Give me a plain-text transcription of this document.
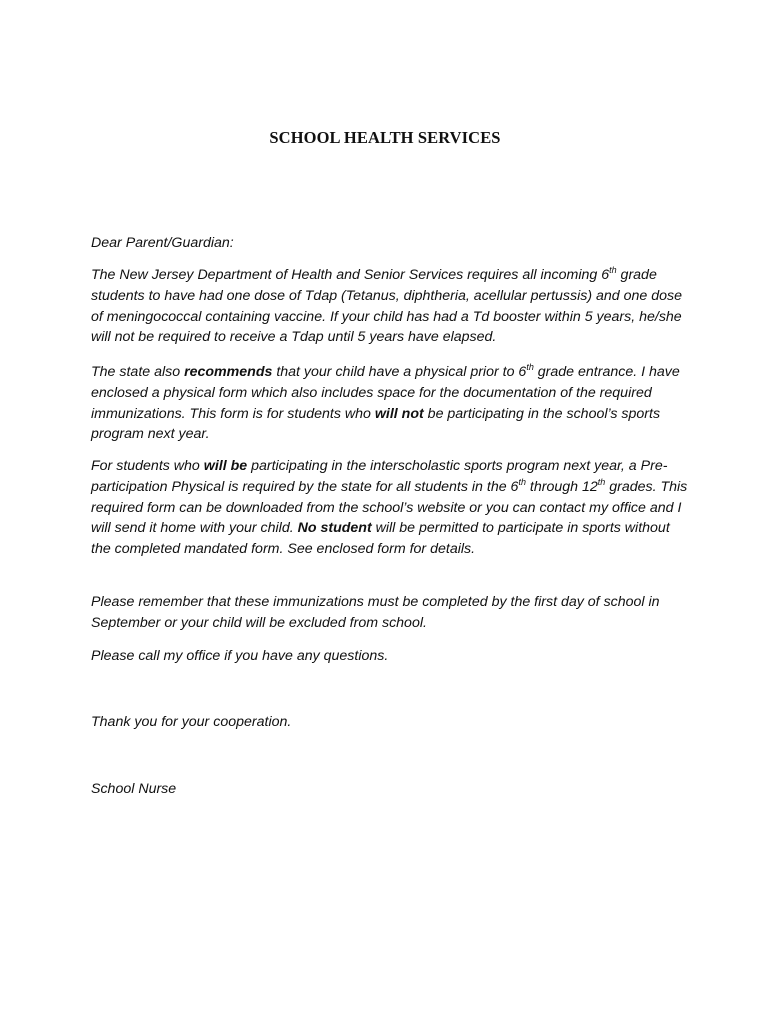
SCHOOL HEALTH SERVICES
Dear Parent/Guardian:

The New Jersey Department of Health and Senior Services requires all incoming 6th grade students to have had one dose of Tdap (Tetanus, diphtheria, acellular pertussis) and one dose of meningococcal containing vaccine. If your child has had a Td booster within 5 years, he/she will not be required to receive a Tdap until 5 years have elapsed.

The state also recommends that your child have a physical prior to 6th grade entrance. I have enclosed a physical form which also includes space for the documentation of the required immunizations. This form is for students who will not be participating in the school’s sports program next year.

For students who will be participating in the interscholastic sports program next year, a Pre-participation Physical is required by the state for all students in the 6th through 12th grades. This required form can be downloaded from the school’s website or you can contact my office and I will send it home with your child. No student will be permitted to participate in sports without the completed mandated form. See enclosed form for details.

Please remember that these immunizations must be completed by the first day of school in September or your child will be excluded from school.
Please call my office if you have any questions.
Thank you for your cooperation.
School Nurse
